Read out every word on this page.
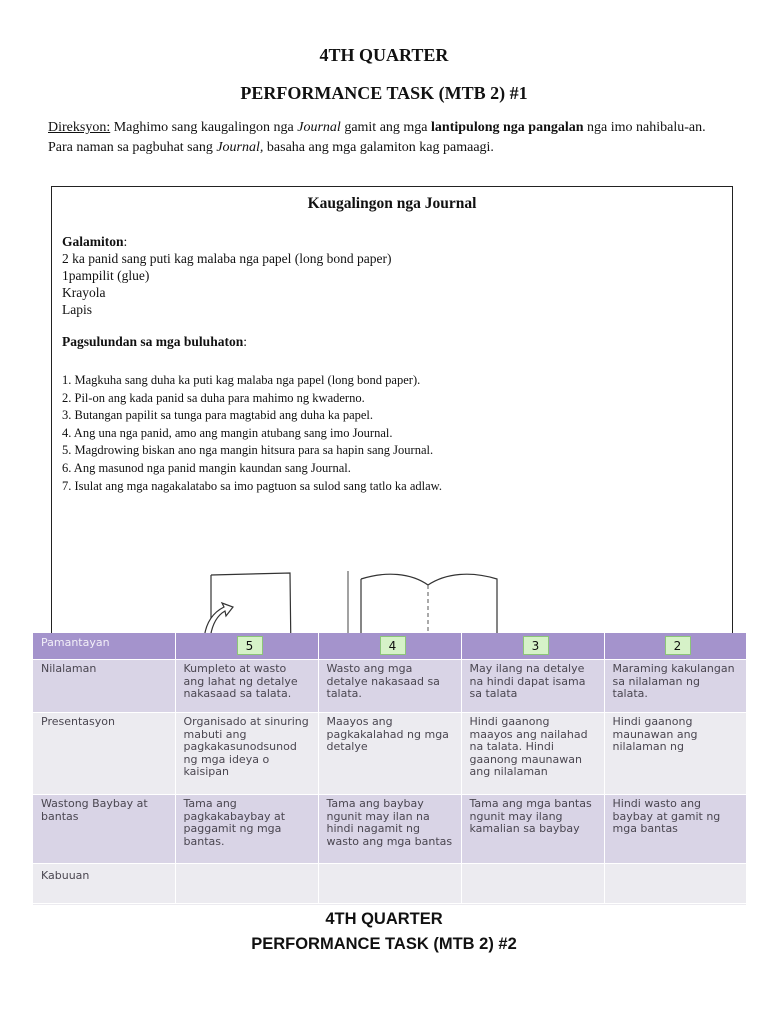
4TH QUARTER
PERFORMANCE TASK (MTB 2) #1
Direksyon: Maghimo sang kaugalingon nga Journal gamit ang mga lantipulong nga pangalan nga imo nahibalu-an. Para naman sa pagbuhat sang Journal, basaha ang mga galamiton kag pamaagi.
Kaugalingon nga Journal
Galamiton:
2 ka panid sang puti kag malaba nga papel (long bond paper)
1pampilit (glue)
Krayola
Lapis
Pagsulundan sa mga buluhaton:
1. Magkuha sang duha ka puti kag malaba nga papel (long bond paper).
2. Pil-on ang kada panid sa duha para mahimo ng kwaderno.
3. Butangan papilit sa tunga para magtabid ang duha ka papel.
4. Ang una nga panid, amo ang mangin atubang sang imo Journal.
5. Magdrowing biskan ano nga mangin hitsura para sa hapin sang Journal.
6. Ang masunod nga panid mangin kaundan sang Journal.
7. Isulat ang mga nagakalatabo sa imo pagtuon sa sulod sang tatlo ka adlaw.
Pamantayan	5	4	3	2

Nilalaman	Kumpleto at wasto ang lahat ng detalye nakasaad sa talata.	Wasto ang mga detalye nakasaad sa talata.	May ilang na detalye na hindi dapat isama sa talata	Maraming kakulangan sa nilalaman ng talata.
Presentasyon	Organisado at sinuring mabuti ang pagkakasunodsunod ng mga ideya o kaisipan	Maayos ang pagkakalahad ng mga detalye	Hindi gaanong maayos ang nailahad na talata. Hindi gaanong maunawan ang nilalaman	Hindi gaanong maunawan ang nilalaman ng
Wastong Baybay at bantas	Tama ang pagkakabaybay at paggamit ng mga bantas.	Tama ang baybay ngunit may ilan na hindi nagamit ng wasto ang mga bantas	Tama ang mga bantas ngunit may ilang kamalian sa baybay	Hindi wasto ang baybay at gamit ng mga bantas
Kabuuan				
4TH QUARTER
PERFORMANCE TASK (MTB 2) #2
